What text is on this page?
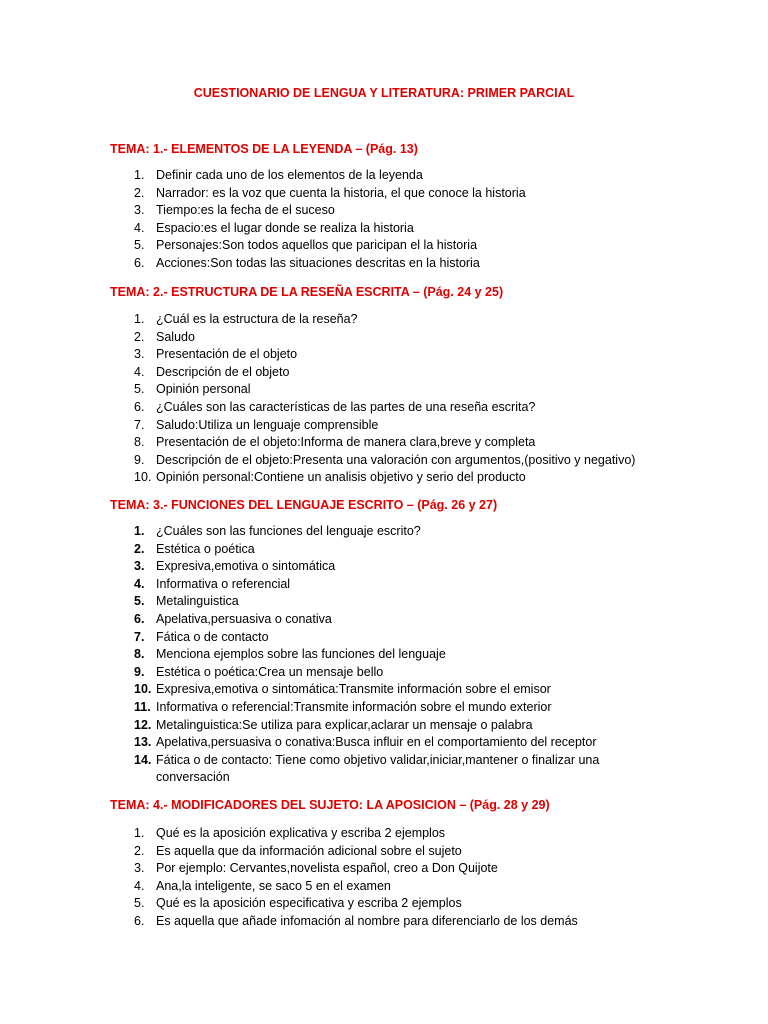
CUESTIONARIO DE LENGUA Y LITERATURA: PRIMER PARCIAL
TEMA: 1.- ELEMENTOS DE LA LEYENDA – (Pág. 13)
1. Definir cada uno de los elementos de la leyenda
2. Narrador: es la voz que cuenta la historia, el que conoce la historia
3. Tiempo:es la fecha de el suceso
4. Espacio:es el lugar donde se realiza la historia
5. Personajes:Son todos aquellos que paricipan el la historia
6. Acciones:Son todas las situaciones descritas en la historia
TEMA: 2.- ESTRUCTURA DE LA RESEÑA ESCRITA – (Pág. 24 y 25)
1. ¿Cuál es la estructura de la reseña?
2. Saludo
3. Presentación de el objeto
4. Descripción de el objeto
5. Opinión personal
6. ¿Cuáles son las características de las partes de una reseña escrita?
7. Saludo:Utiliza un lenguaje comprensible
8. Presentación de el objeto:Informa de manera clara,breve y completa
9. Descripción de el objeto:Presenta una valoración con argumentos,(positivo y negativo)
10. Opinión personal:Contiene un analisis objetivo y serio del producto
TEMA: 3.- FUNCIONES DEL LENGUAJE ESCRITO – (Pág. 26 y 27)
1. ¿Cuáles son las funciones del lenguaje escrito?
2. Estética o poética
3. Expresiva,emotiva o sintomática
4. Informativa o referencial
5. Metalinguistica
6. Apelativa,persuasiva o conativa
7. Fática o de contacto
8. Menciona ejemplos sobre las funciones del lenguaje
9. Estética o poética:Crea un mensaje bello
10. Expresiva,emotiva o sintomática:Transmite información sobre el emisor
11. Informativa o referencial:Transmite información sobre el mundo exterior
12. Metalinguistica:Se utiliza para explicar,aclarar un mensaje o palabra
13. Apelativa,persuasiva o conativa:Busca influir en el comportamiento del receptor
14. Fática o de contacto: Tiene como objetivo validar,iniciar,mantener o finalizar una conversación
TEMA: 4.- MODIFICADORES DEL SUJETO: LA APOSICION – (Pág. 28 y 29)
1. Qué es la aposición explicativa y escriba 2 ejemplos
2. Es aquella que da información adicional sobre el sujeto
3. Por ejemplo: Cervantes,novelista español, creo a Don Quijote
4. Ana,la inteligente, se saco 5 en el examen
5. Qué es la aposición especificativa y escriba 2 ejemplos
6. Es aquella que añade infomación al nombre para diferenciarlo de los demás
